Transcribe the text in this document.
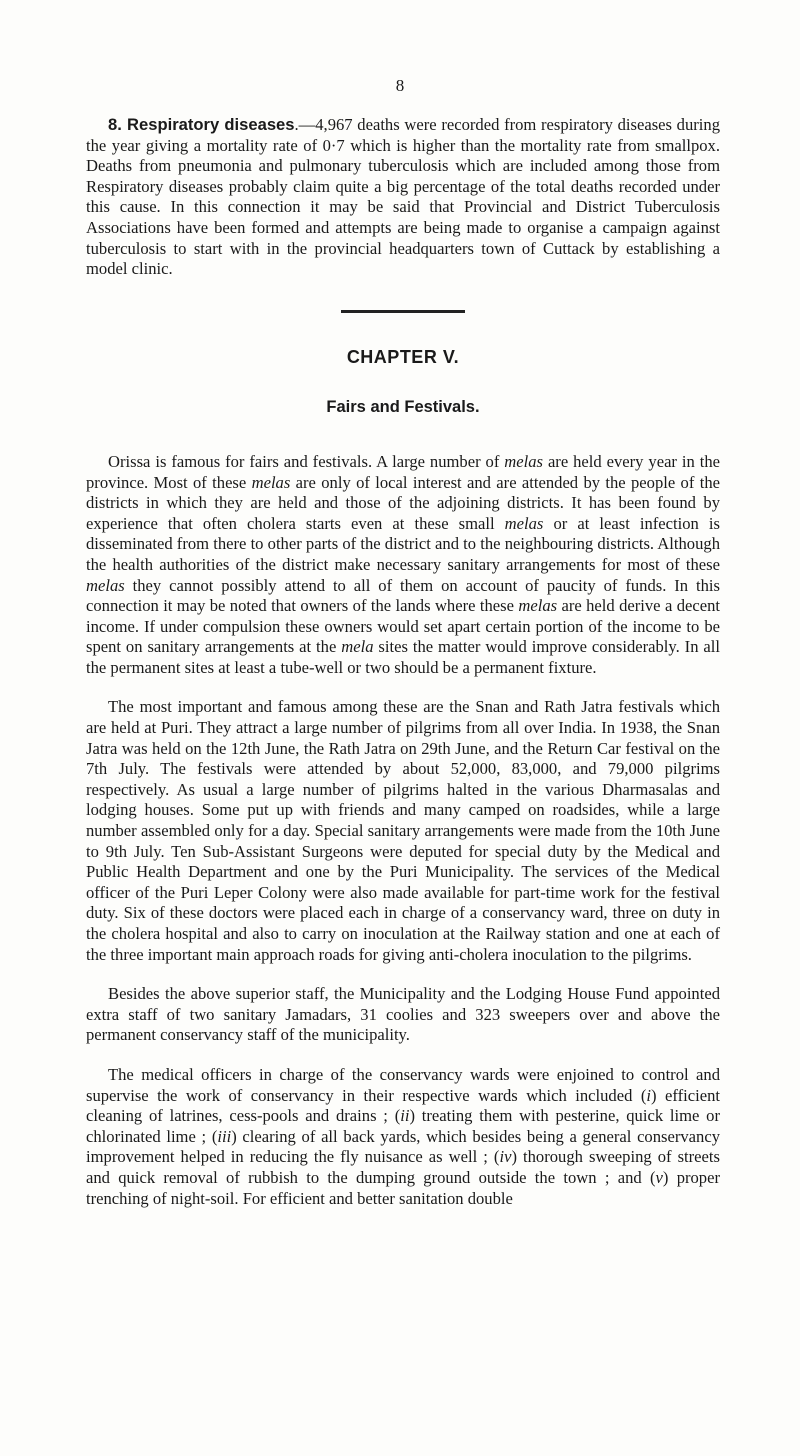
8

8. Respiratory diseases.—4,967 deaths were recorded from respiratory diseases during the year giving a mortality rate of 0·7 which is higher than the mortality rate from smallpox. Deaths from pneumonia and pulmonary tuberculosis which are included among those from Respiratory diseases probably claim quite a big percentage of the total deaths recorded under this cause. In this connection it may be said that Provincial and District Tuberculosis Associations have been formed and attempts are being made to organise a campaign against tuberculosis to start with in the provincial headquarters town of Cuttack by establishing a model clinic.

CHAPTER V.
Fairs and Festivals.

Orissa is famous for fairs and festivals. A large number of melas are held every year in the province. Most of these melas are only of local interest and are attended by the people of the districts in which they are held and those of the adjoining districts. It has been found by experience that often cholera starts even at these small melas or at least infection is disseminated from there to other parts of the district and to the neighbouring districts. Although the health authorities of the district make necessary sanitary arrangements for most of these melas they cannot possibly attend to all of them on account of paucity of funds. In this connection it may be noted that owners of the lands where these melas are held derive a decent income. If under compulsion these owners would set apart certain portion of the income to be spent on sanitary arrangements at the mela sites the matter would improve considerably. In all the permanent sites at least a tube-well or two should be a permanent fixture.

The most important and famous among these are the Snan and Rath Jatra festivals which are held at Puri. They attract a large number of pilgrims from all over India. In 1938, the Snan Jatra was held on the 12th June, the Rath Jatra on 29th June, and the Return Car festival on the 7th July. The festivals were attended by about 52,000, 83,000, and 79,000 pilgrims respectively. As usual a large number of pilgrims halted in the various Dharmasalas and lodging houses. Some put up with friends and many camped on roadsides, while a large number assembled only for a day. Special sanitary arrangements were made from the 10th June to 9th July. Ten Sub-Assistant Surgeons were deputed for special duty by the Medical and Public Health Department and one by the Puri Municipality. The services of the Medical officer of the Puri Leper Colony were also made available for part-time work for the festival duty. Six of these doctors were placed each in charge of a conservancy ward, three on duty in the cholera hospital and also to carry on inoculation at the Railway station and one at each of the three important main approach roads for giving anti-cholera inoculation to the pilgrims.

Besides the above superior staff, the Municipality and the Lodging House Fund appointed extra staff of two sanitary Jamadars, 31 coolies and 323 sweepers over and above the permanent conservancy staff of the municipality.

The medical officers in charge of the conservancy wards were enjoined to control and supervise the work of conservancy in their respective wards which included (i) efficient cleaning of latrines, cess-pools and drains ; (ii) treating them with pesterine, quick lime or chlorinated lime ; (iii) clearing of all back yards, which besides being a general conservancy improvement helped in reducing the fly nuisance as well ; (iv) thorough sweeping of streets and quick removal of rubbish to the dumping ground outside the town ; and (v) proper trenching of night-soil. For efficient and better sanitation double
